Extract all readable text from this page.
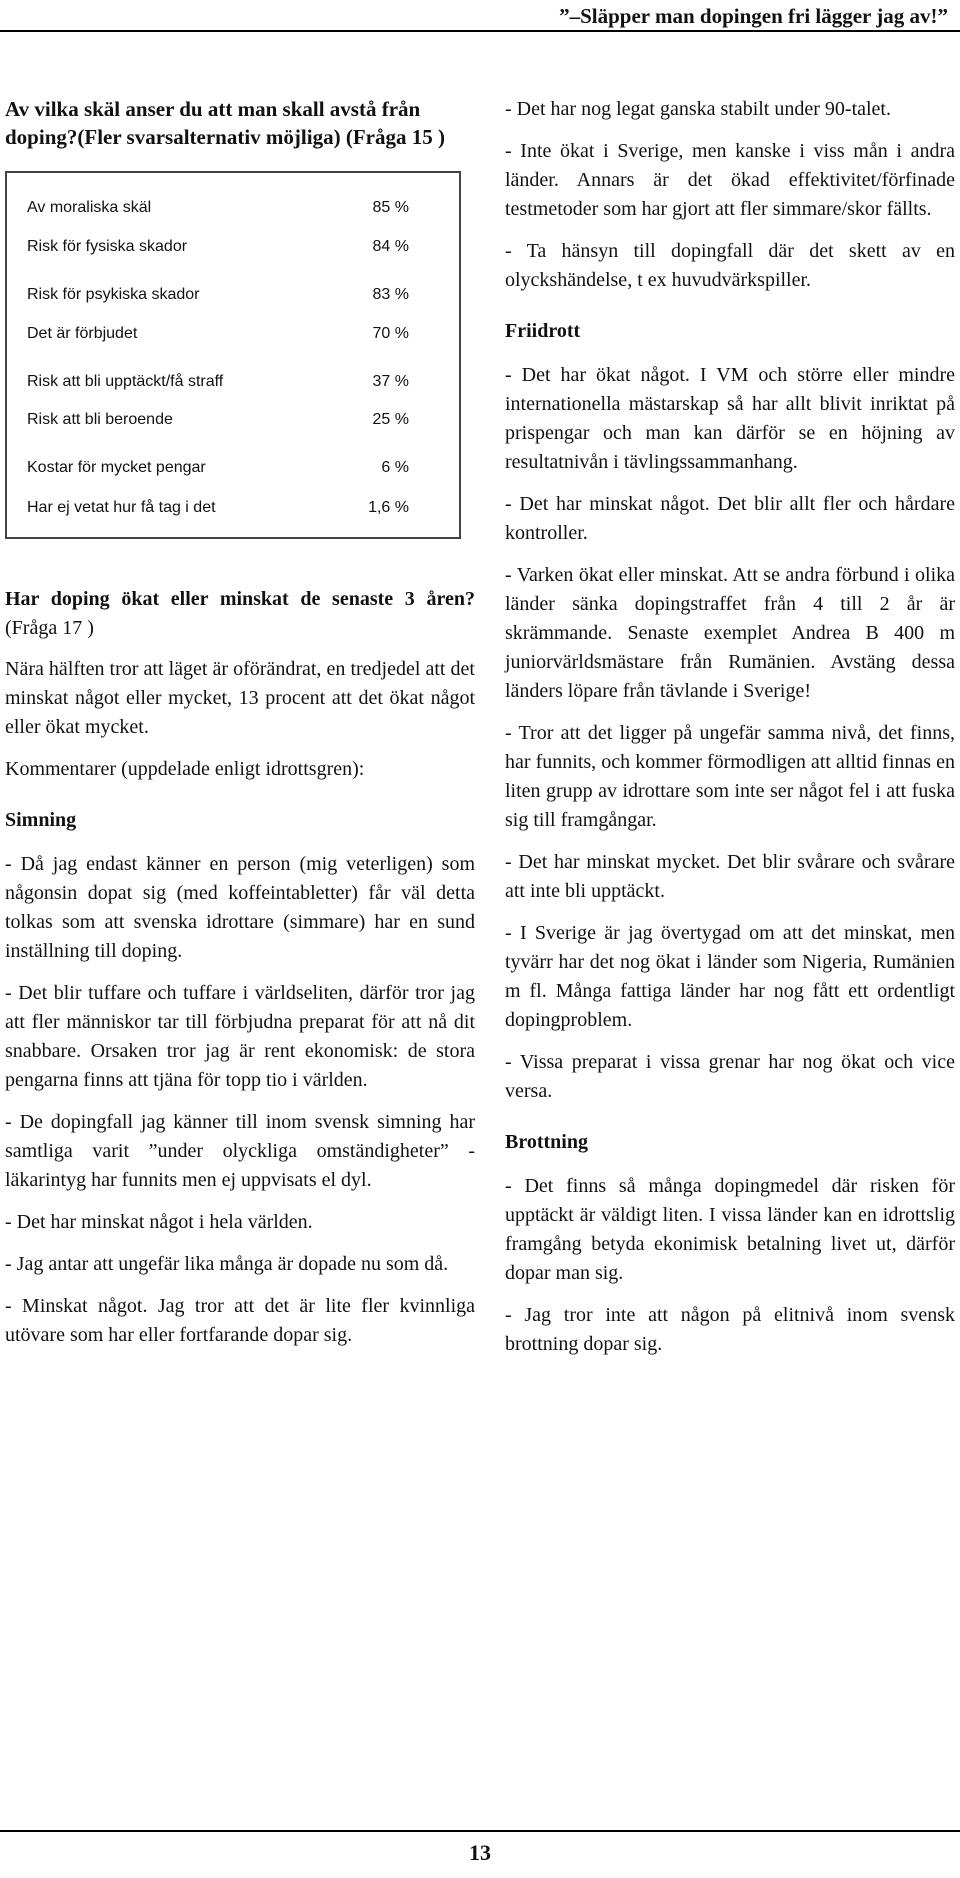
”–Släpper man dopingen fri lägger jag av!”
Av vilka skäl anser du att man skall avstå från doping?(Fler svarsalternativ möjliga) (Fråga 15 )
Av moraliska skäl	85 %
Risk för fysiska skador	84 %
Risk för psykiska skador	83 %
Det är förbjudet	70 %
Risk att bli upptäckt/få straff	37 %
Risk att bli beroende	25 %
Kostar för mycket pengar	6 %
Har ej vetat hur få tag i det	1,6 %
Har doping ökat eller minskat de senaste 3 åren? (Fråga 17 )
Nära hälften tror att läget är oförändrat, en tredjedel att det minskat något eller mycket, 13 procent att det ökat något eller ökat mycket.
Kommentarer (uppdelade enligt idrottsgren):
Simning
- Då jag endast känner en person (mig veterligen) som någonsin dopat sig (med koffeintabletter) får väl detta tolkas som att svenska idrottare (simmare) har en sund inställning till doping.
- Det blir tuffare och tuffare i världseliten, därför tror jag att fler människor tar till förbjudna preparat för att nå dit snabbare. Orsaken tror jag är rent ekonomisk: de stora pengarna finns att tjäna för topp tio i världen.
- De dopingfall jag känner till inom svensk simning har samtliga varit ”under olyckliga omständigheter” - läkarintyg har funnits men ej uppvisats el dyl.
- Det har minskat något i hela världen.
- Jag antar att ungefär lika många är dopade nu som då.
- Minskat något. Jag tror att det är lite fler kvinnliga utövare som har eller fortfarande dopar sig.
- Det har nog legat ganska stabilt under 90-talet.
- Inte ökat i Sverige, men kanske i viss mån i andra länder. Annars är det ökad effektivitet/förfinade testmetoder som har gjort att fler simmare/skor fällts.
- Ta hänsyn till dopingfall där det skett av en olyckshändelse, t ex huvudvärkspiller.
Friidrott
- Det har ökat något. I VM och större eller mindre internationella mästarskap så har allt blivit inriktat på prispengar och man kan därför se en höjning av resultatnivån i tävlingssammanhang.
- Det har minskat något. Det blir allt fler och hårdare kontroller.
- Varken ökat eller minskat. Att se andra förbund i olika länder sänka dopingstraffet från 4 till 2 år är skrämmande. Senaste exemplet Andrea B 400 m juniorvärldsmästare från Rumänien. Avstäng dessa länders löpare från tävlande i Sverige!
- Tror att det ligger på ungefär samma nivå, det finns, har funnits, och kommer förmodligen att alltid finnas en liten grupp av idrottare som inte ser något fel i att fuska sig till framgångar.
- Det har minskat mycket. Det blir svårare och svårare att inte bli upptäckt.
- I Sverige är jag övertygad om att det minskat, men tyvärr har det nog ökat i länder som Nigeria, Rumänien m fl. Många fattiga länder har nog fått ett ordentligt dopingproblem.
- Vissa preparat i vissa grenar har nog ökat och vice versa.
Brottning
- Det finns så många dopingmedel där risken för upptäckt är väldigt liten. I vissa länder kan en idrottslig framgång betyda ekonimisk betalning livet ut, därför dopar man sig.
- Jag tror inte att någon på elitnivå inom svensk brottning dopar sig.
13
